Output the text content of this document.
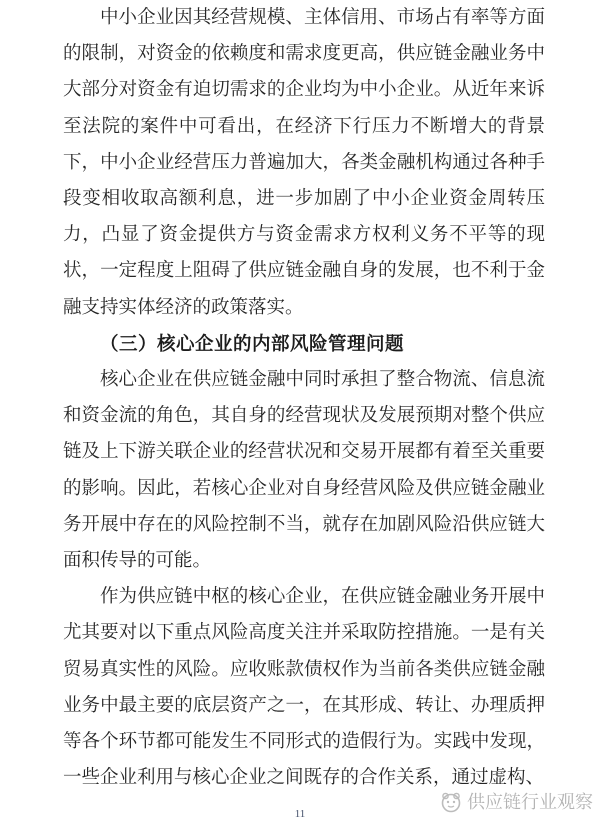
中小企业因其经营规模、主体信用、市场占有率等方面的限制，对资金的依赖度和需求度更高，供应链金融业务中大部分对资金有迫切需求的企业均为中小企业。从近年来诉至法院的案件中可看出，在经济下行压力不断增大的背景下，中小企业经营压力普遍加大，各类金融机构通过各种手段变相收取高额利息，进一步加剧了中小企业资金周转压力，凸显了资金提供方与资金需求方权利义务不平等的现状，一定程度上阻碍了供应链金融自身的发展，也不利于金融支持实体经济的政策落实。

（三）核心企业的内部风险管理问题

核心企业在供应链金融中同时承担了整合物流、信息流和资金流的角色，其自身的经营现状及发展预期对整个供应链及上下游关联企业的经营状况和交易开展都有着至关重要的影响。因此，若核心企业对自身经营风险及供应链金融业务开展中存在的风险控制不当，就存在加剧风险沿供应链大面积传导的可能。

作为供应链中枢的核心企业，在供应链金融业务开展中尤其要对以下重点风险高度关注并采取防控措施。一是有关贸易真实性的风险。应收账款债权作为当前各类供应链金融业务中最主要的底层资产之一，在其形成、转让、办理质押等各个环节都可能发生不同形式的造假行为。实践中发现，一些企业利用与核心企业之间既存的合作关系，通过虚构、

供应链行业观察
11
